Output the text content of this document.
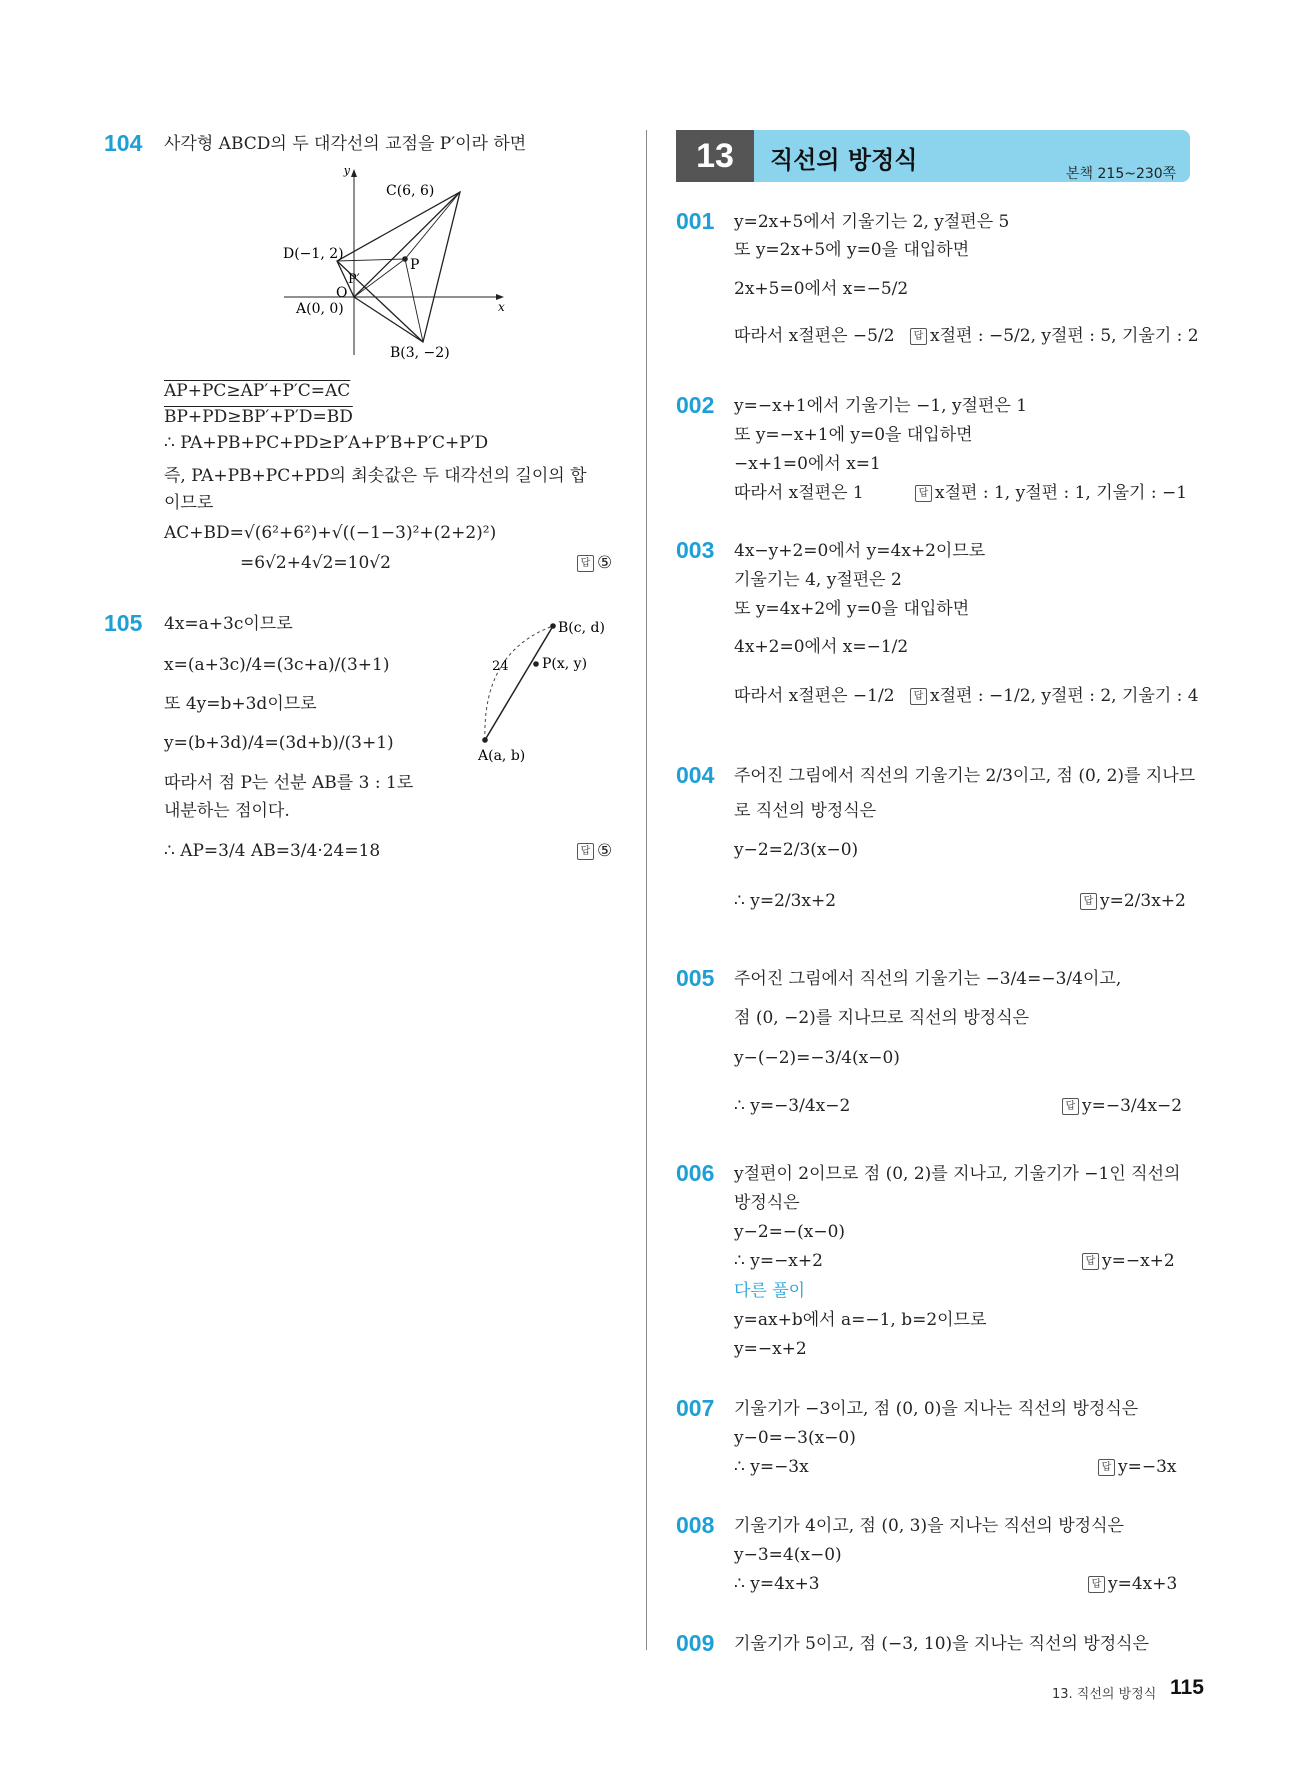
13	직선의 방정식	본책 215~230쪽
104 사각형 ABCD의 두 대각선의 교점을 P′이라 하면
y
x
C(6, 6)
D(−1, 2)
P
P′
O
A(0, 0)
B(3, −2)
AP+PC≥AP′+P′C=AC
BP+PD≥BP′+P′D=BD
∴ PA+PB+PC+PD≥P′A+P′B+P′C+P′D
즉, PA+PB+PC+PD의 최솟값은 두 대각선의 길이의 합
이므로
AC+BD=√(6²+6²)+√((−1−3)²+(2+2)²)
=6√2+4√2=10√2	답 ⑤
105 4x=a+3c이므로
x=(a+3c)/4=(3c+a)/(3+1)
또 4y=b+3d이므로
y=(b+3d)/4=(3d+b)/(3+1)
따라서 점 P는 선분 AB를 3 : 1로
내분하는 점이다.
∴ AP=3/4 AB=3/4·24=18	답 ⑤
B(c, d)
P(x, y)
A(a, b)
24
001 y=2x+5에서 기울기는 2, y절편은 5
또 y=2x+5에 y=0을 대입하면
2x+5=0에서 x=−5/2
따라서 x절편은 −5/2	답 x절편 : −5/2, y절편 : 5, 기울기 : 2
002 y=−x+1에서 기울기는 −1, y절편은 1
또 y=−x+1에 y=0을 대입하면
−x+1=0에서 x=1
따라서 x절편은 1	답 x절편 : 1, y절편 : 1, 기울기 : −1
003 4x−y+2=0에서 y=4x+2이므로
기울기는 4, y절편은 2
또 y=4x+2에 y=0을 대입하면
4x+2=0에서 x=−1/2
따라서 x절편은 −1/2	답 x절편 : −1/2, y절편 : 2, 기울기 : 4
004 주어진 그림에서 직선의 기울기는 2/3이고, 점 (0, 2)를 지나므
로 직선의 방정식은
y−2=2/3(x−0)
∴ y=2/3x+2	답 y=2/3x+2
005 주어진 그림에서 직선의 기울기는 −3/4=−3/4이고,
점 (0, −2)를 지나므로 직선의 방정식은
y−(−2)=−3/4(x−0)
∴ y=−3/4x−2	답 y=−3/4x−2
006 y절편이 2이므로 점 (0, 2)를 지나고, 기울기가 −1인 직선의
방정식은
y−2=−(x−0)
∴ y=−x+2	답 y=−x+2
다른 풀이
y=ax+b에서 a=−1, b=2이므로
y=−x+2
007 기울기가 −3이고, 점 (0, 0)을 지나는 직선의 방정식은
y−0=−3(x−0)
∴ y=−3x	답 y=−3x
008 기울기가 4이고, 점 (0, 3)을 지나는 직선의 방정식은
y−3=4(x−0)
∴ y=4x+3	답 y=4x+3
009 기울기가 5이고, 점 (−3, 10)을 지나는 직선의 방정식은
13. 직선의 방정식 115
